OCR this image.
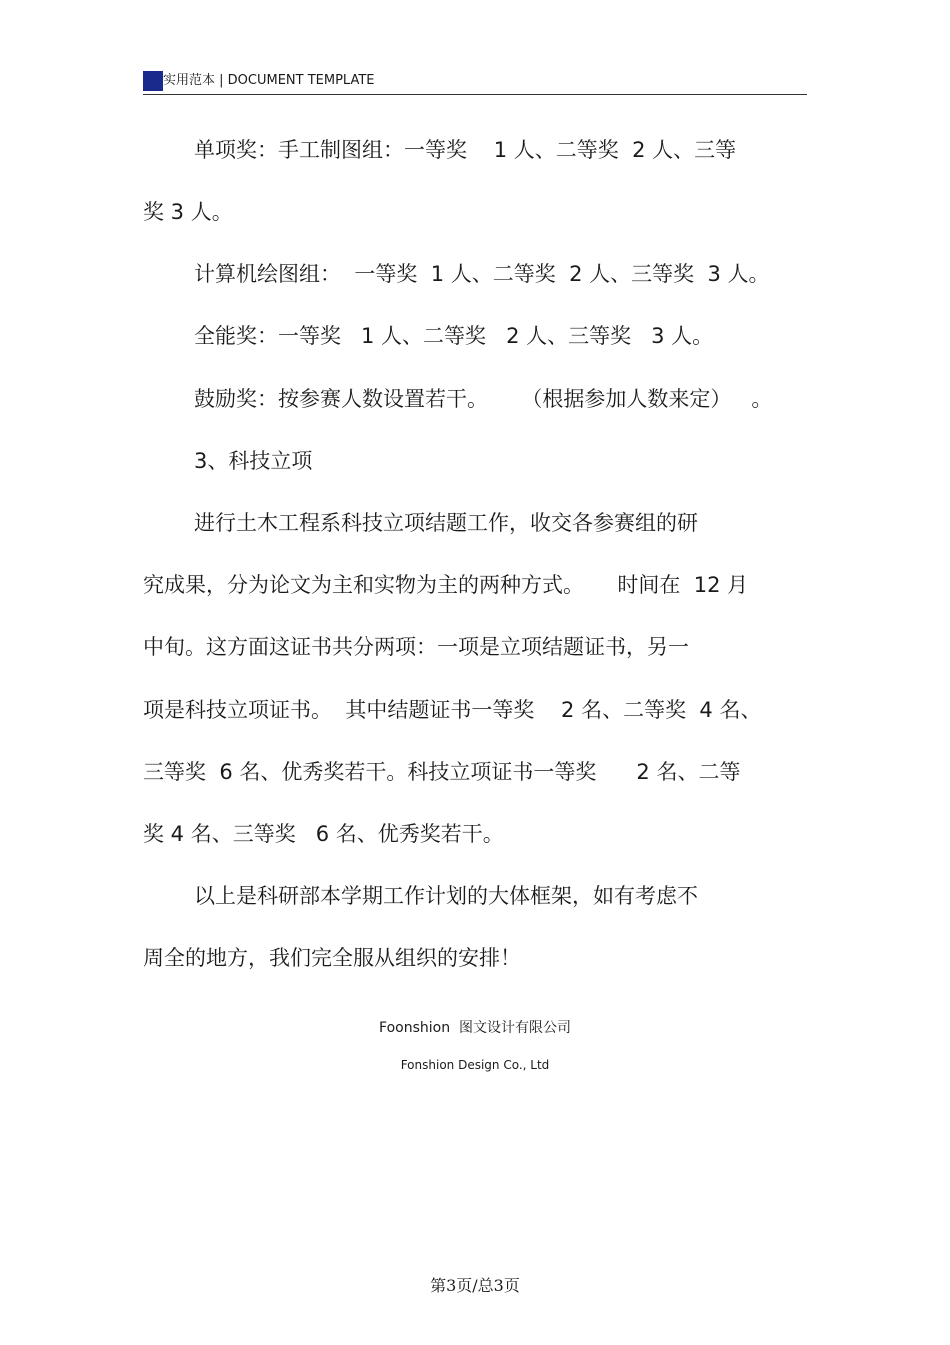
实用范本 | DOCUMENT TEMPLATE

单项奖：手工制图组：一等奖    1 人、二等奖  2 人、三等

奖 3 人。

计算机绘图组：  一等奖  1 人、二等奖  2 人、三等奖  3 人。

全能奖：一等奖   1 人、二等奖   2 人、三等奖   3 人。

鼓励奖：按参赛人数设置若干。     （根据参加人数来定）   。

3、科技立项

进行土木工程系科技立项结题工作，收交各参赛组的研

究成果，分为论文为主和实物为主的两种方式。     时间在  12 月

中旬。这方面这证书共分两项：一项是立项结题证书，另一

项是科技立项证书。  其中结题证书一等奖    2 名、二等奖  4 名、

三等奖  6 名、优秀奖若干。科技立项证书一等奖      2 名、二等

奖 4 名、三等奖   6 名、优秀奖若干。

以上是科研部本学期工作计划的大体框架，如有考虑不

周全的地方，我们完全服从组织的安排！

Foonshion  图文设计有限公司
Fonshion Design Co., Ltd
第3页/总3页
